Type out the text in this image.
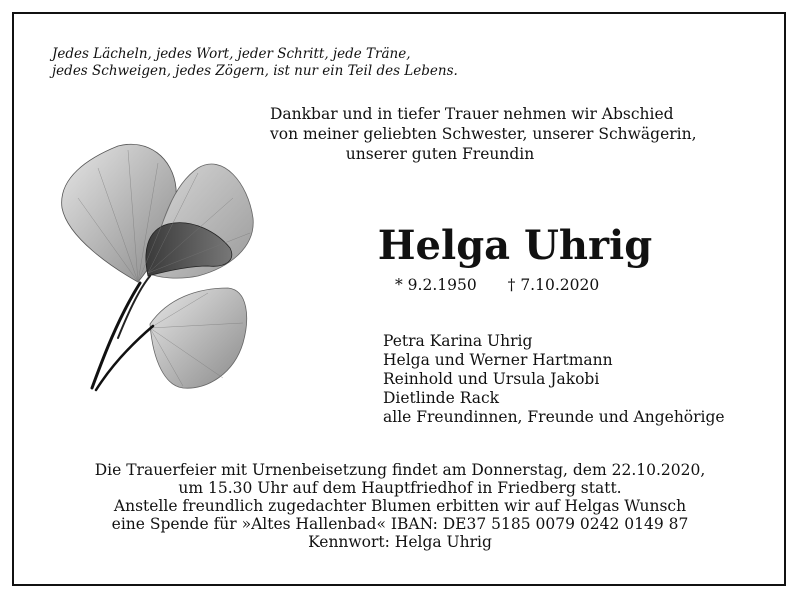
Jedes Lächeln, jedes Wort, jeder Schritt, jede Träne,
jedes Schweigen, jedes Zögern, ist nur ein Teil des Lebens.
Dankbar und in tiefer Trauer nehmen wir Abschied
von meiner geliebten Schwester, unserer Schwägerin,
unserer guten Freundin
Helga Uhrig
* 9.2.1950 † 7.10.2020
Petra Karina Uhrig
Helga und Werner Hartmann
Reinhold und Ursula Jakobi
Dietlinde Rack
alle Freundinnen, Freunde und Angehörige
Die Trauerfeier mit Urnenbeisetzung findet am Donnerstag, dem 22.10.2020,
um 15.30 Uhr auf dem Hauptfriedhof in Friedberg statt.
Anstelle freundlich zugedachter Blumen erbitten wir auf Helgas Wunsch
eine Spende für »Altes Hallenbad« IBAN: DE37 5185 0079 0242 0149 87
Kennwort: Helga Uhrig
